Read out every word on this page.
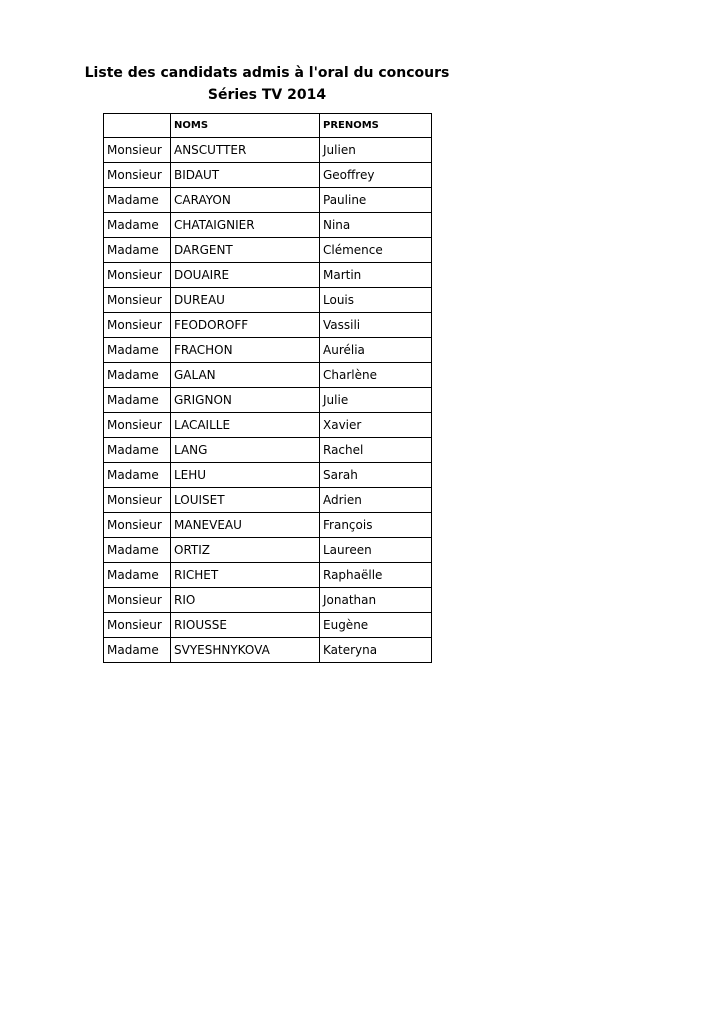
Liste des candidats admis à l'oral du concours
Séries TV 2014
	NOMS	PRENOMS
Monsieur	ANSCUTTER	Julien
Monsieur	BIDAUT	Geoffrey
Madame	CARAYON	Pauline
Madame	CHATAIGNIER	Nina
Madame	DARGENT	Clémence
Monsieur	DOUAIRE	Martin
Monsieur	DUREAU	Louis
Monsieur	FEODOROFF	Vassili
Madame	FRACHON	Aurélia
Madame	GALAN	Charlène
Madame	GRIGNON	Julie
Monsieur	LACAILLE	Xavier
Madame	LANG	Rachel
Madame	LEHU	Sarah
Monsieur	LOUISET	Adrien
Monsieur	MANEVEAU	François
Madame	ORTIZ	Laureen
Madame	RICHET	Raphaëlle
Monsieur	RIO	Jonathan
Monsieur	RIOUSSE	Eugène
Madame	SVYESHNYKOVA	Kateryna
